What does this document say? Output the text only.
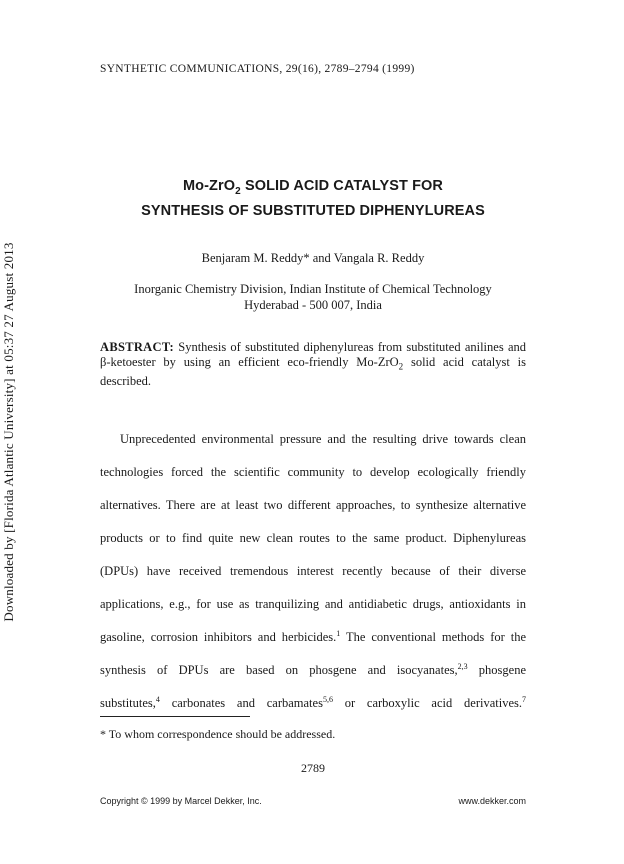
Downloaded by [Florida Atlantic University] at 05:37 27 August 2013
SYNTHETIC COMMUNICATIONS, 29(16), 2789–2794 (1999)
Mo-ZrO$_2$ SOLID ACID CATALYST FOR
SYNTHESIS OF SUBSTITUTED DIPHENYLUREAS
Benjaram M. Reddy* and Vangala R. Reddy
Inorganic Chemistry Division, Indian Institute of Chemical Technology
Hyderabad - 500 007, India

ABSTRACT: Synthesis of substituted diphenylureas from substituted anilines and β-ketoester by using an efficient eco-friendly Mo-ZrO$_2$ solid acid catalyst is described.

Unprecedented environmental pressure and the resulting drive towards clean
technologies forced the scientific community to develop ecologically friendly
alternatives. There are at least two different approaches, to synthesize alternative
products or to find quite new clean routes to the same product. Diphenylureas
(DPUs) have received tremendous interest recently because of their diverse
applications, e.g., for use as tranquilizing and antidiabetic drugs, antioxidants in
gasoline, corrosion inhibitors and herbicides.$^1$ The conventional methods for the
synthesis of DPUs are based on phosgene and isocyanates,$^{2,3}$ phosgene
substitutes,$^4$ carbonates and carbamates$^{5,6}$ or carboxylic acid derivatives.$^7$
* To whom correspondence should be addressed.
2789
Copyright © 1999 by Marcel Dekker, Inc.	www.dekker.com
